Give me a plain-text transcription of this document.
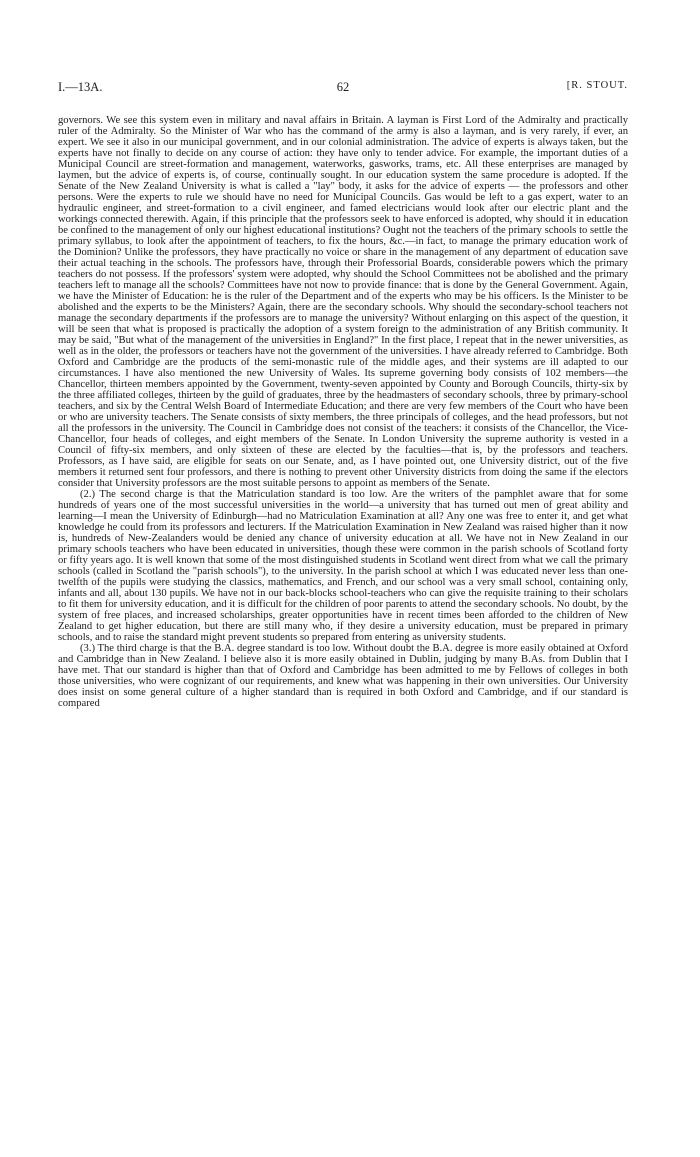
I.—13A.	62	[R. STOUT.

governors. We see this system even in military and naval affairs in Britain. A layman is First Lord of the Admiralty and practically ruler of the Admiralty. So the Minister of War who has the command of the army is also a layman, and is very rarely, if ever, an expert. We see it also in our municipal government, and in our colonial administration. The advice of experts is always taken, but the experts have not finally to decide on any course of action: they have only to tender advice. For example, the important duties of a Municipal Council are street-formation and management, waterworks, gasworks, trams, etc. All these enterprises are managed by laymen, but the advice of experts is, of course, continually sought. In our education system the same procedure is adopted. If the Senate of the New Zealand University is what is called a "lay" body, it asks for the advice of experts — the professors and other persons. Were the experts to rule we should have no need for Municipal Councils. Gas would be left to a gas expert, water to an hydraulic engineer, and street-formation to a civil engineer, and famed electricians would look after our electric plant and the workings connected therewith. Again, if this principle that the professors seek to have enforced is adopted, why should it in education be confined to the management of only our highest educational institutions? Ought not the teachers of the primary schools to settle the primary syllabus, to look after the appointment of teachers, to fix the hours, &c.—in fact, to manage the primary education work of the Dominion? Unlike the professors, they have practically no voice or share in the management of any department of education save their actual teaching in the schools. The professors have, through their Professorial Boards, considerable powers which the primary teachers do not possess. If the professors' system were adopted, why should the School Committees not be abolished and the primary teachers left to manage all the schools? Committees have not now to provide finance: that is done by the General Government. Again, we have the Minister of Education: he is the ruler of the Department and of the experts who may be his officers. Is the Minister to be abolished and the experts to be the Ministers? Again, there are the secondary schools. Why should the secondary-school teachers not manage the secondary departments if the professors are to manage the university? Without enlarging on this aspect of the question, it will be seen that what is proposed is practically the adoption of a system foreign to the administration of any British community. It may be said, "But what of the management of the universities in England?" In the first place, I repeat that in the newer universities, as well as in the older, the professors or teachers have not the government of the universities. I have already referred to Cambridge. Both Oxford and Cambridge are the products of the semi-monastic rule of the middle ages, and their systems are ill adapted to our circumstances. I have also mentioned the new University of Wales. Its supreme governing body consists of 102 members—the Chancellor, thirteen members appointed by the Government, twenty-seven appointed by County and Borough Councils, thirty-six by the three affiliated colleges, thirteen by the guild of graduates, three by the headmasters of secondary schools, three by primary-school teachers, and six by the Central Welsh Board of Intermediate Education; and there are very few members of the Court who have been or who are university teachers. The Senate consists of sixty members, the three principals of colleges, and the head professors, but not all the professors in the university. The Council in Cambridge does not consist of the teachers: it consists of the Chancellor, the Vice-Chancellor, four heads of colleges, and eight members of the Senate. In London University the supreme authority is vested in a Council of fifty-six members, and only sixteen of these are elected by the faculties—that is, by the professors and teachers. Professors, as I have said, are eligible for seats on our Senate, and, as I have pointed out, one University district, out of the five members it returned sent four professors, and there is nothing to prevent other University districts from doing the same if the electors consider that University professors are the most suitable persons to appoint as members of the Senate.

(2.) The second charge is that the Matriculation standard is too low. Are the writers of the pamphlet aware that for some hundreds of years one of the most successful universities in the world—a university that has turned out men of great ability and learning—I mean the University of Edinburgh—had no Matriculation Examination at all? Any one was free to enter it, and get what knowledge he could from its professors and lecturers. If the Matriculation Examination in New Zealand was raised higher than it now is, hundreds of New-Zealanders would be denied any chance of university education at all. We have not in New Zealand in our primary schools teachers who have been educated in universities, though these were common in the parish schools of Scotland forty or fifty years ago. It is well known that some of the most distinguished students in Scotland went direct from what we call the primary schools (called in Scotland the "parish schools"), to the university. In the parish school at which I was educated never less than one-twelfth of the pupils were studying the classics, mathematics, and French, and our school was a very small school, containing only, infants and all, about 130 pupils. We have not in our back-blocks school-teachers who can give the requisite training to their scholars to fit them for university education, and it is difficult for the children of poor parents to attend the secondary schools. No doubt, by the system of free places, and increased scholarships, greater opportunities have in recent times been afforded to the children of New Zealand to get higher education, but there are still many who, if they desire a university education, must be prepared in primary schools, and to raise the standard might prevent students so prepared from entering as university students.

(3.) The third charge is that the B.A. degree standard is too low. Without doubt the B.A. degree is more easily obtained at Oxford and Cambridge than in New Zealand. I believe also it is more easily obtained in Dublin, judging by many B.As. from Dublin that I have met. That our standard is higher than that of Oxford and Cambridge has been admitted to me by Fellows of colleges in both those universities, who were cognizant of our requirements, and knew what was happening in their own universities. Our University does insist on some general culture of a higher standard than is required in both Oxford and Cambridge, and if our standard is compared
